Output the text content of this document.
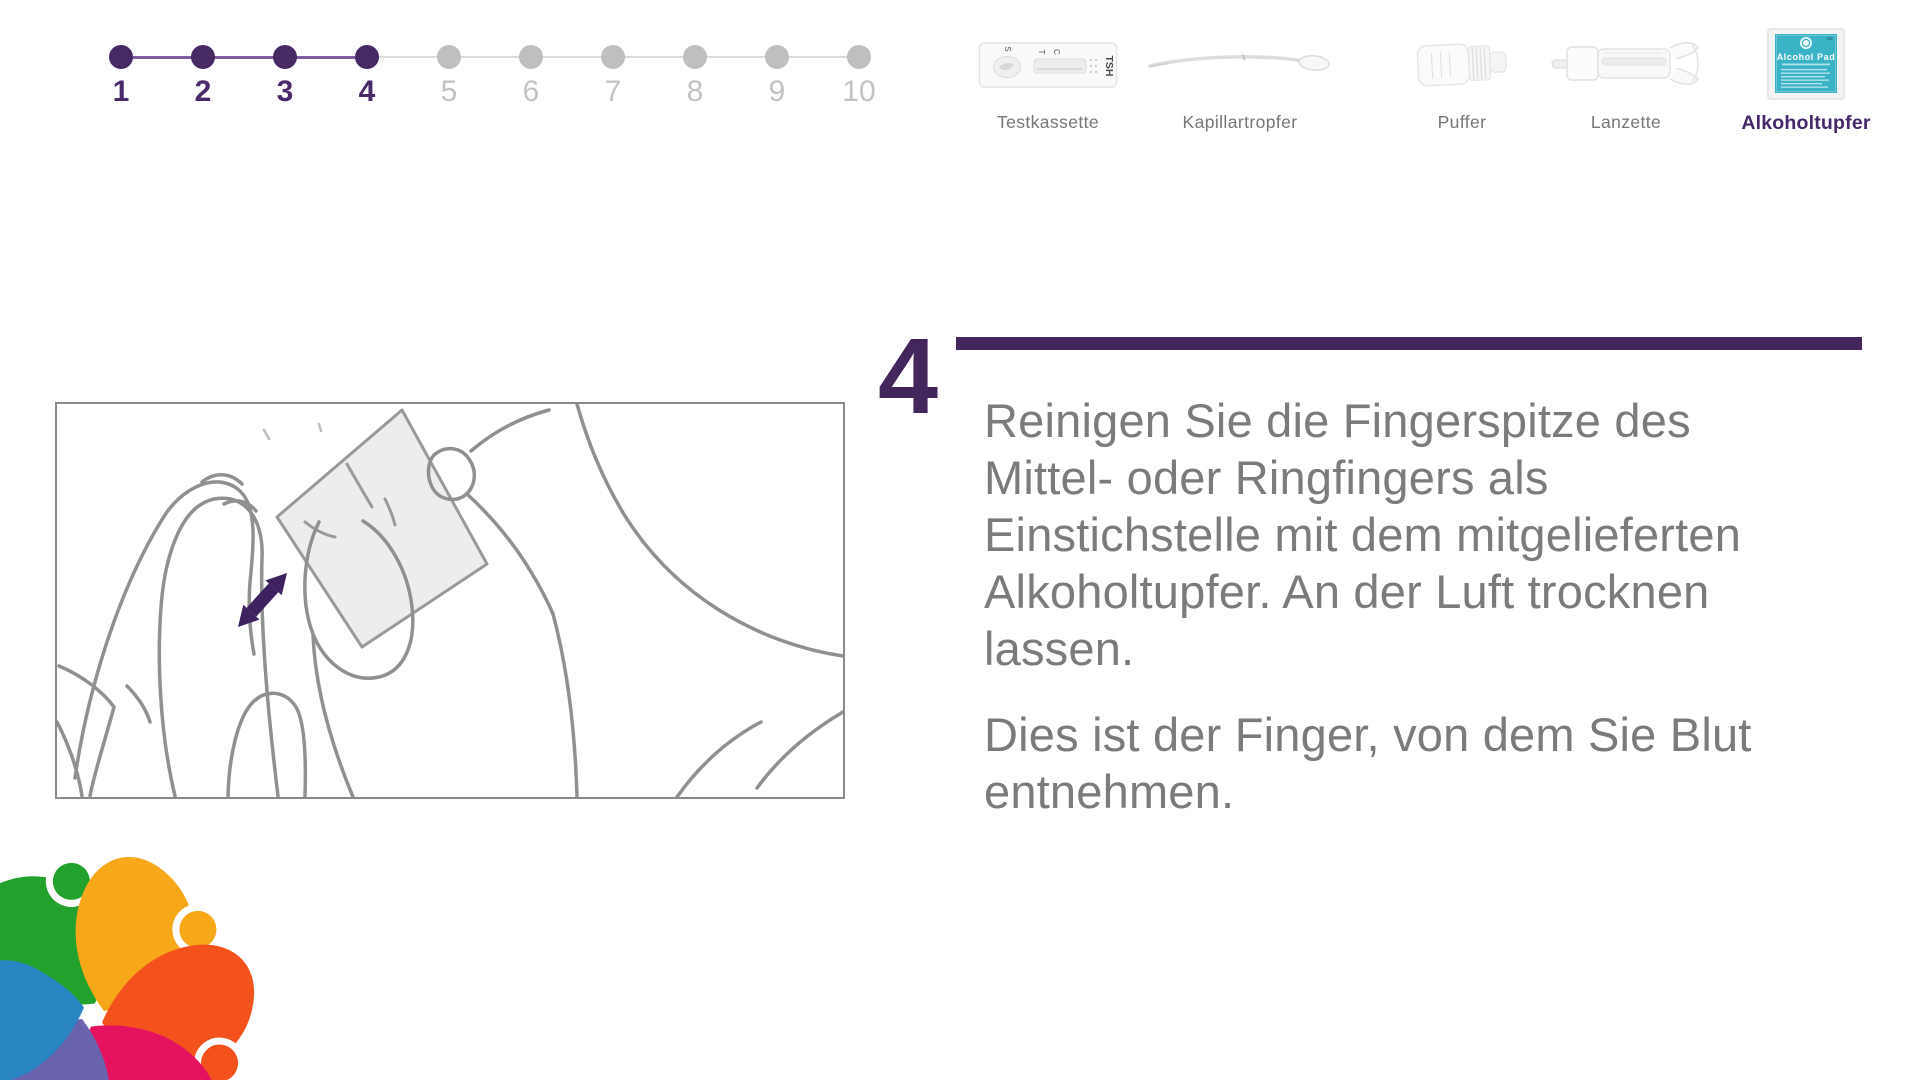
1	2	3	4	5	6	7	8	9	10
S
T C
TSH
Testkassette	Kapillartropfer	Puffer	Lanzette
CE
Alcohol Pad
Alkoholtupfer
4 Reinigen Sie die Fingerspitze des Mittel- oder Ringfingers als Einstichstelle mit dem mitgelieferten Alkoholtupfer. An der Luft trocknen lassen.

Dies ist der Finger, von dem Sie Blut entnehmen.
